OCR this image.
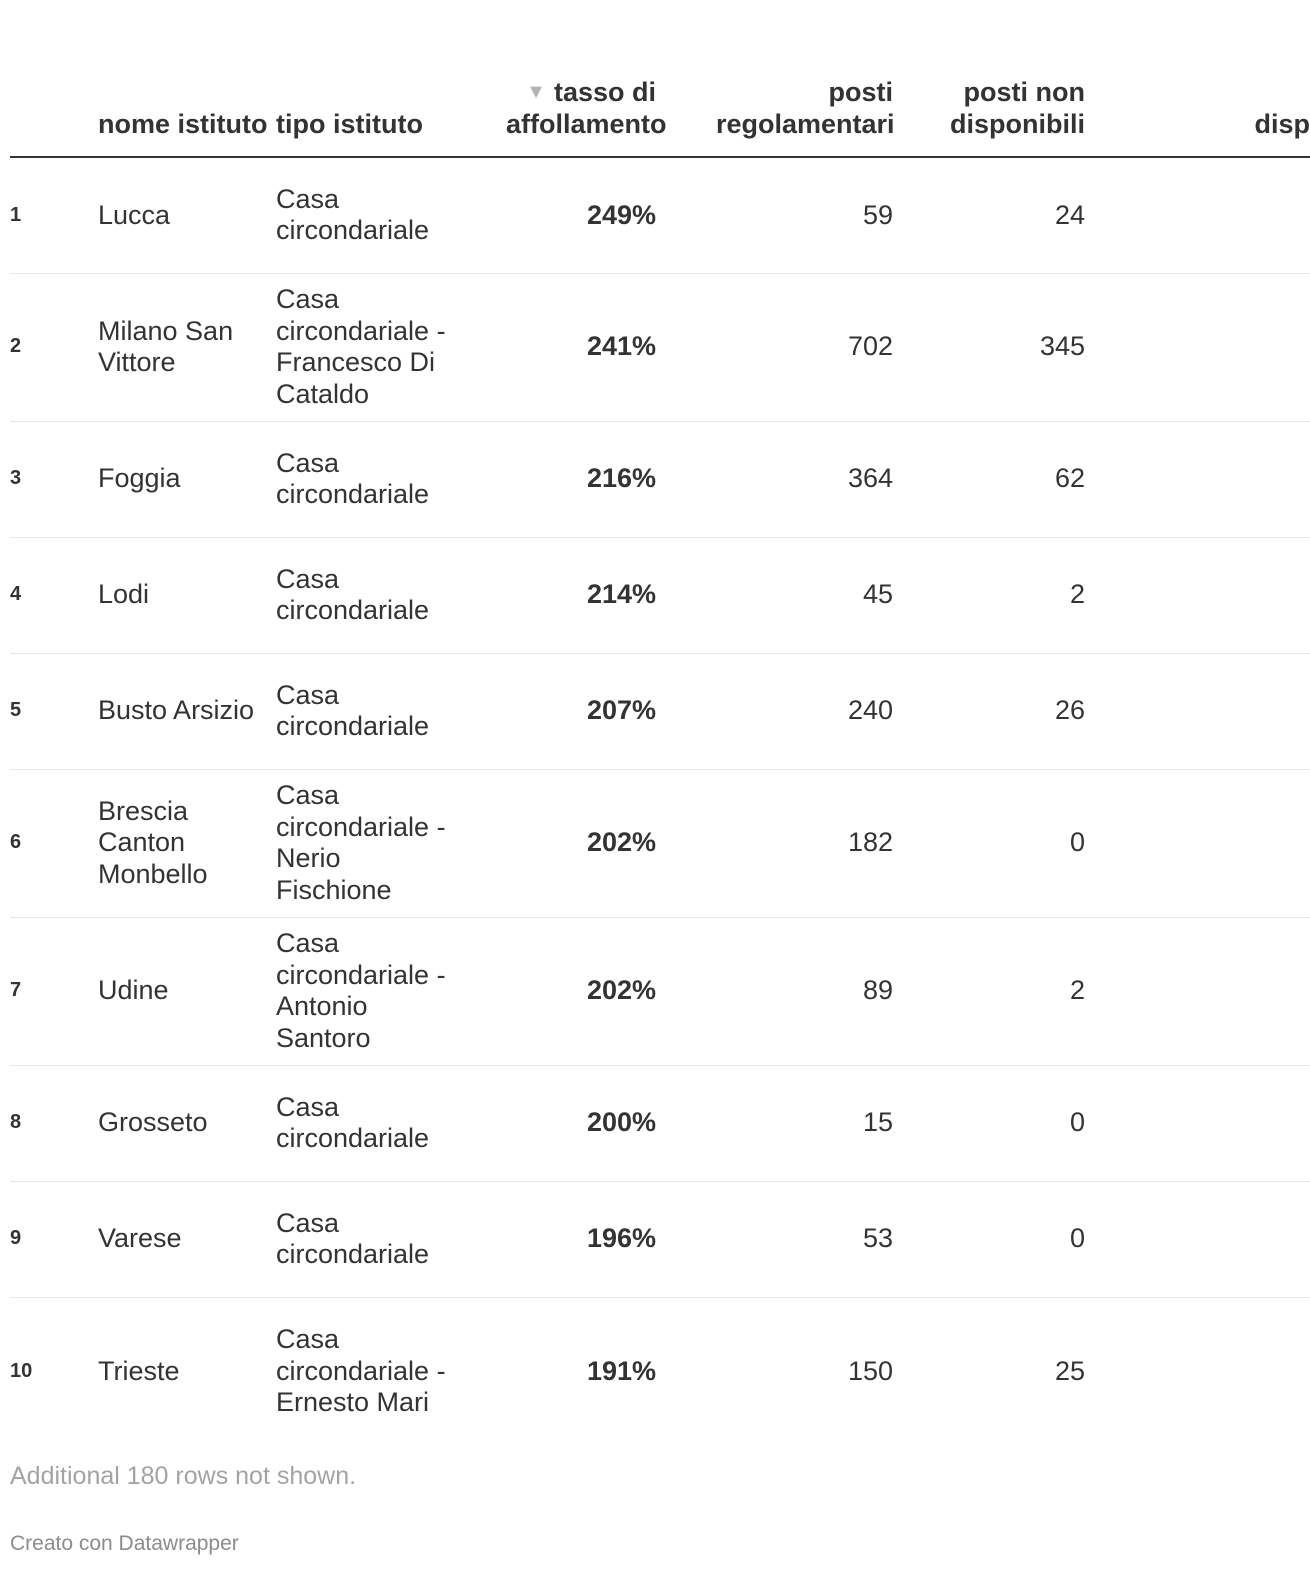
	nome istituto	tipo istituto	▼ tasso di affollamento	posti regolamentari	posti non disponibili	disp
1	Lucca	Casa circondariale	249%	59	24	
2	Milano San Vittore	Casa circondariale - Francesco Di Cataldo	241%	702	345	
3	Foggia	Casa circondariale	216%	364	62	
4	Lodi	Casa circondariale	214%	45	2	
5	Busto Arsizio	Casa circondariale	207%	240	26	
6	Brescia Canton Monbello	Casa circondariale - Nerio Fischione	202%	182	0	
7	Udine	Casa circondariale - Antonio Santoro	202%	89	2	
8	Grosseto	Casa circondariale	200%	15	0	
9	Varese	Casa circondariale	196%	53	0	
10	Trieste	Casa circondariale - Ernesto Mari	191%	150	25	
Additional 180 rows not shown.
Creato con Datawrapper
